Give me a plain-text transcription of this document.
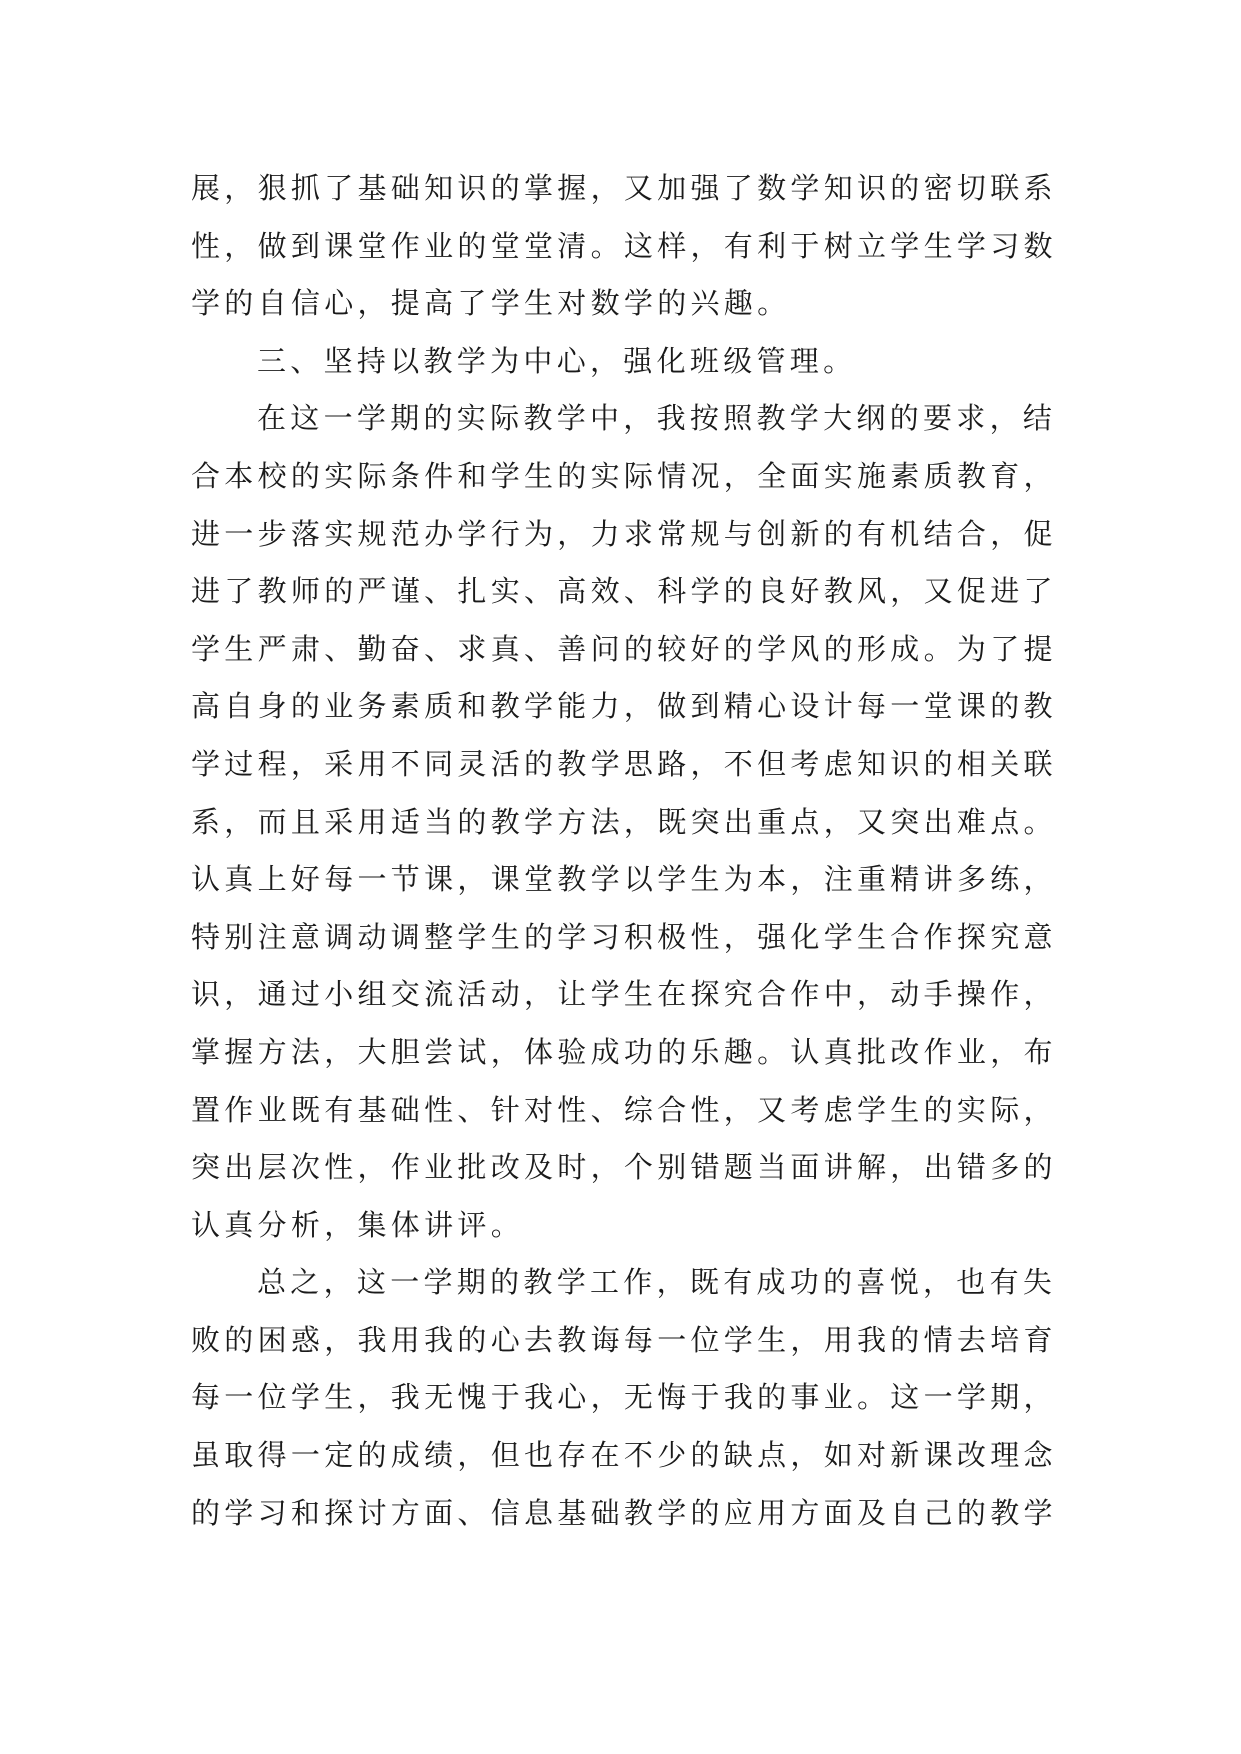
展，狠抓了基础知识的掌握，又加强了数学知识的密切联系
性，做到课堂作业的堂堂清。这样，有利于树立学生学习数
学的自信心，提高了学生对数学的兴趣。
三、坚持以教学为中心，强化班级管理。
在这一学期的实际教学中，我按照教学大纲的要求，结
合本校的实际条件和学生的实际情况，全面实施素质教育，
进一步落实规范办学行为，力求常规与创新的有机结合，促
进了教师的严谨、扎实、高效、科学的良好教风，又促进了
学生严肃、勤奋、求真、善问的较好的学风的形成。为了提
高自身的业务素质和教学能力，做到精心设计每一堂课的教
学过程，采用不同灵活的教学思路，不但考虑知识的相关联
系，而且采用适当的教学方法，既突出重点，又突出难点。
认真上好每一节课，课堂教学以学生为本，注重精讲多练，
特别注意调动调整学生的学习积极性，强化学生合作探究意
识，通过小组交流活动，让学生在探究合作中，动手操作，
掌握方法，大胆尝试，体验成功的乐趣。认真批改作业，布
置作业既有基础性、针对性、综合性，又考虑学生的实际，
突出层次性，作业批改及时，个别错题当面讲解，出错多的
认真分析，集体讲评。
总之，这一学期的教学工作，既有成功的喜悦，也有失
败的困惑，我用我的心去教诲每一位学生，用我的情去培育
每一位学生，我无愧于我心，无悔于我的事业。这一学期，
虽取得一定的成绩，但也存在不少的缺点，如对新课改理念
的学习和探讨方面、信息基础教学的应用方面及自己的教学
